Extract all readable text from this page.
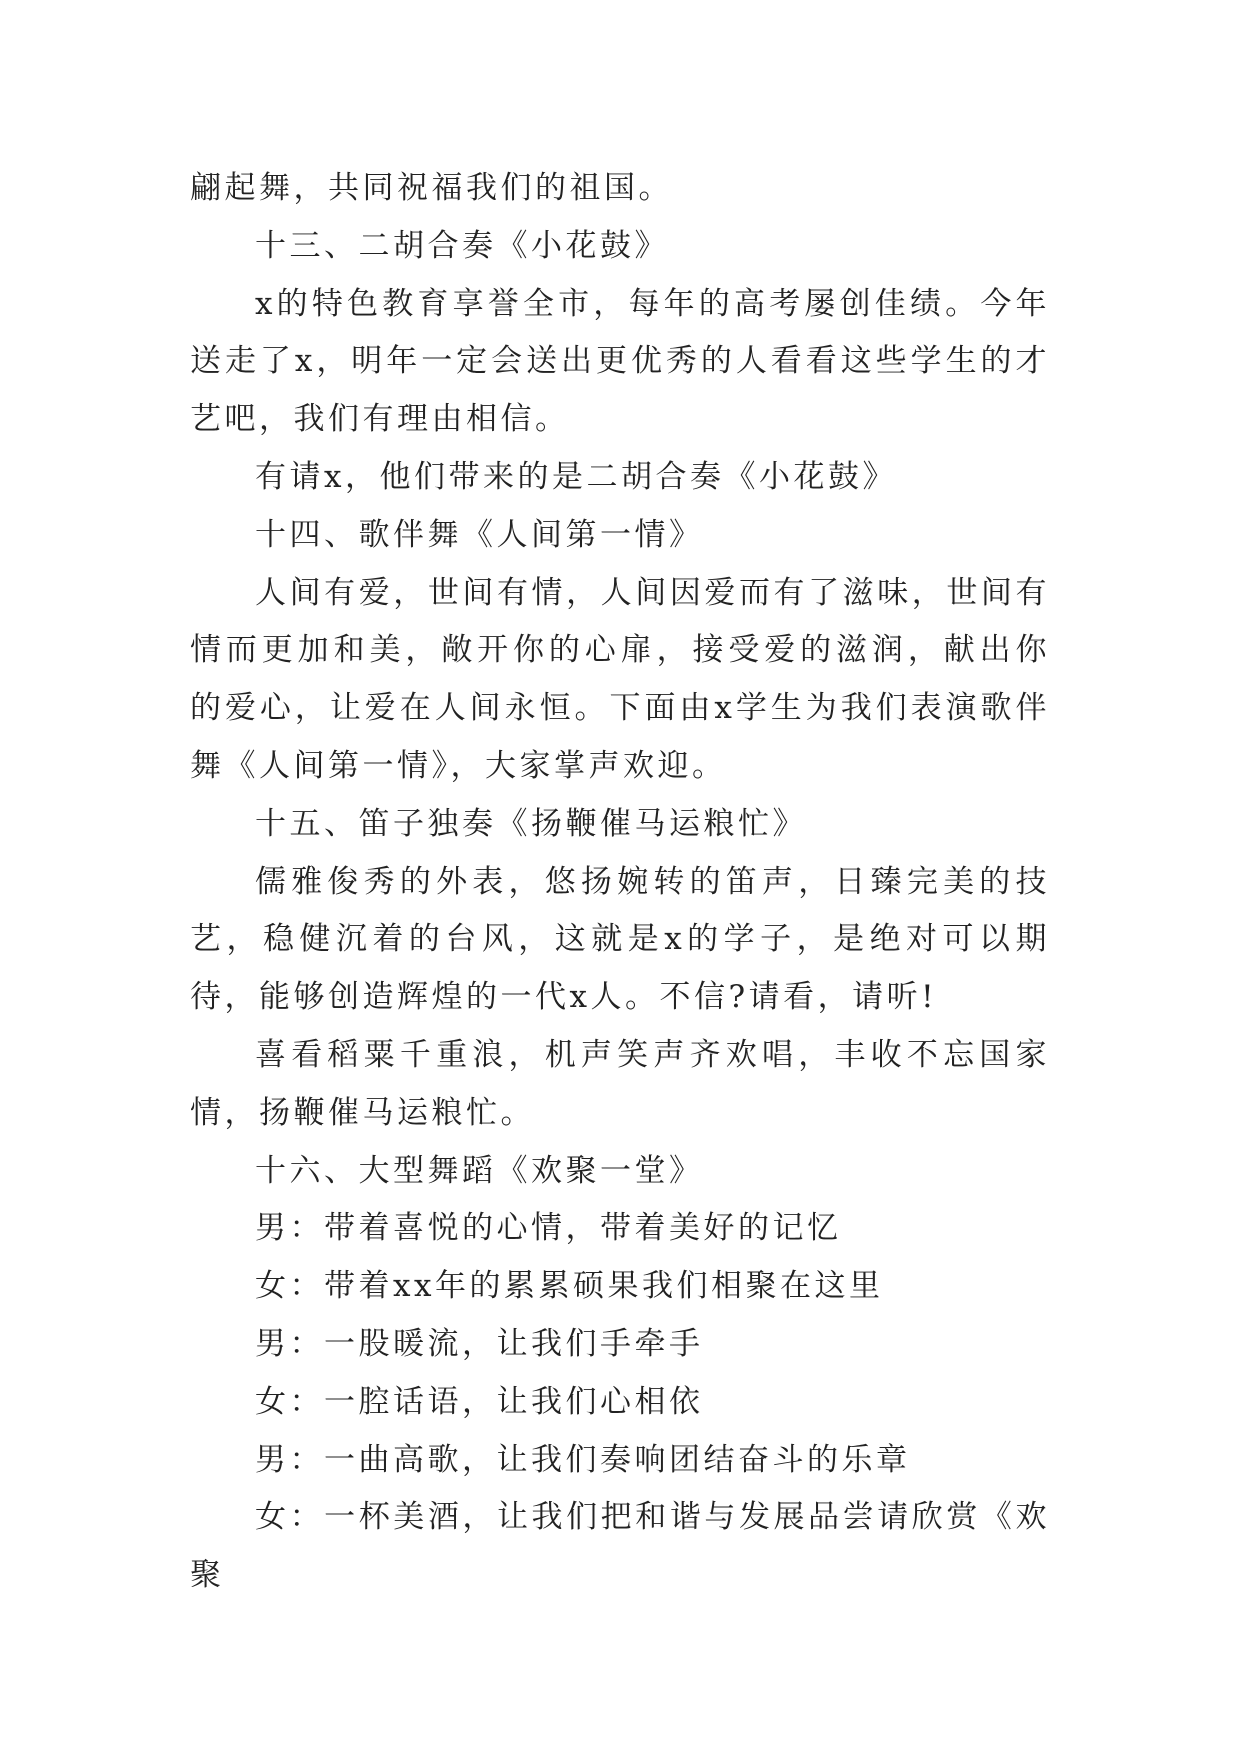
翩起舞，共同祝福我们的祖国。

十三、二胡合奏《小花鼓》

x的特色教育享誉全市，每年的高考屡创佳绩。今年送走了x，明年一定会送出更优秀的人看看这些学生的才艺吧，我们有理由相信。

有请x，他们带来的是二胡合奏《小花鼓》

十四、歌伴舞《人间第一情》

人间有爱，世间有情，人间因爱而有了滋味，世间有情而更加和美，敞开你的心扉，接受爱的滋润，献出你的爱心，让爱在人间永恒。下面由x学生为我们表演歌伴舞《人间第一情》，大家掌声欢迎。

十五、笛子独奏《扬鞭催马运粮忙》

儒雅俊秀的外表，悠扬婉转的笛声，日臻完美的技艺，稳健沉着的台风，这就是x的学子，是绝对可以期待，能够创造辉煌的一代x人。不信?请看，请听!

喜看稻粟千重浪，机声笑声齐欢唱，丰收不忘国家情，扬鞭催马运粮忙。

十六、大型舞蹈《欢聚一堂》

男：带着喜悦的心情，带着美好的记忆

女：带着xx年的累累硕果我们相聚在这里

男：一股暖流，让我们手牵手

女：一腔话语，让我们心相依

男：一曲高歌，让我们奏响团结奋斗的乐章

女：一杯美酒，让我们把和谐与发展品尝请欣赏《欢聚
